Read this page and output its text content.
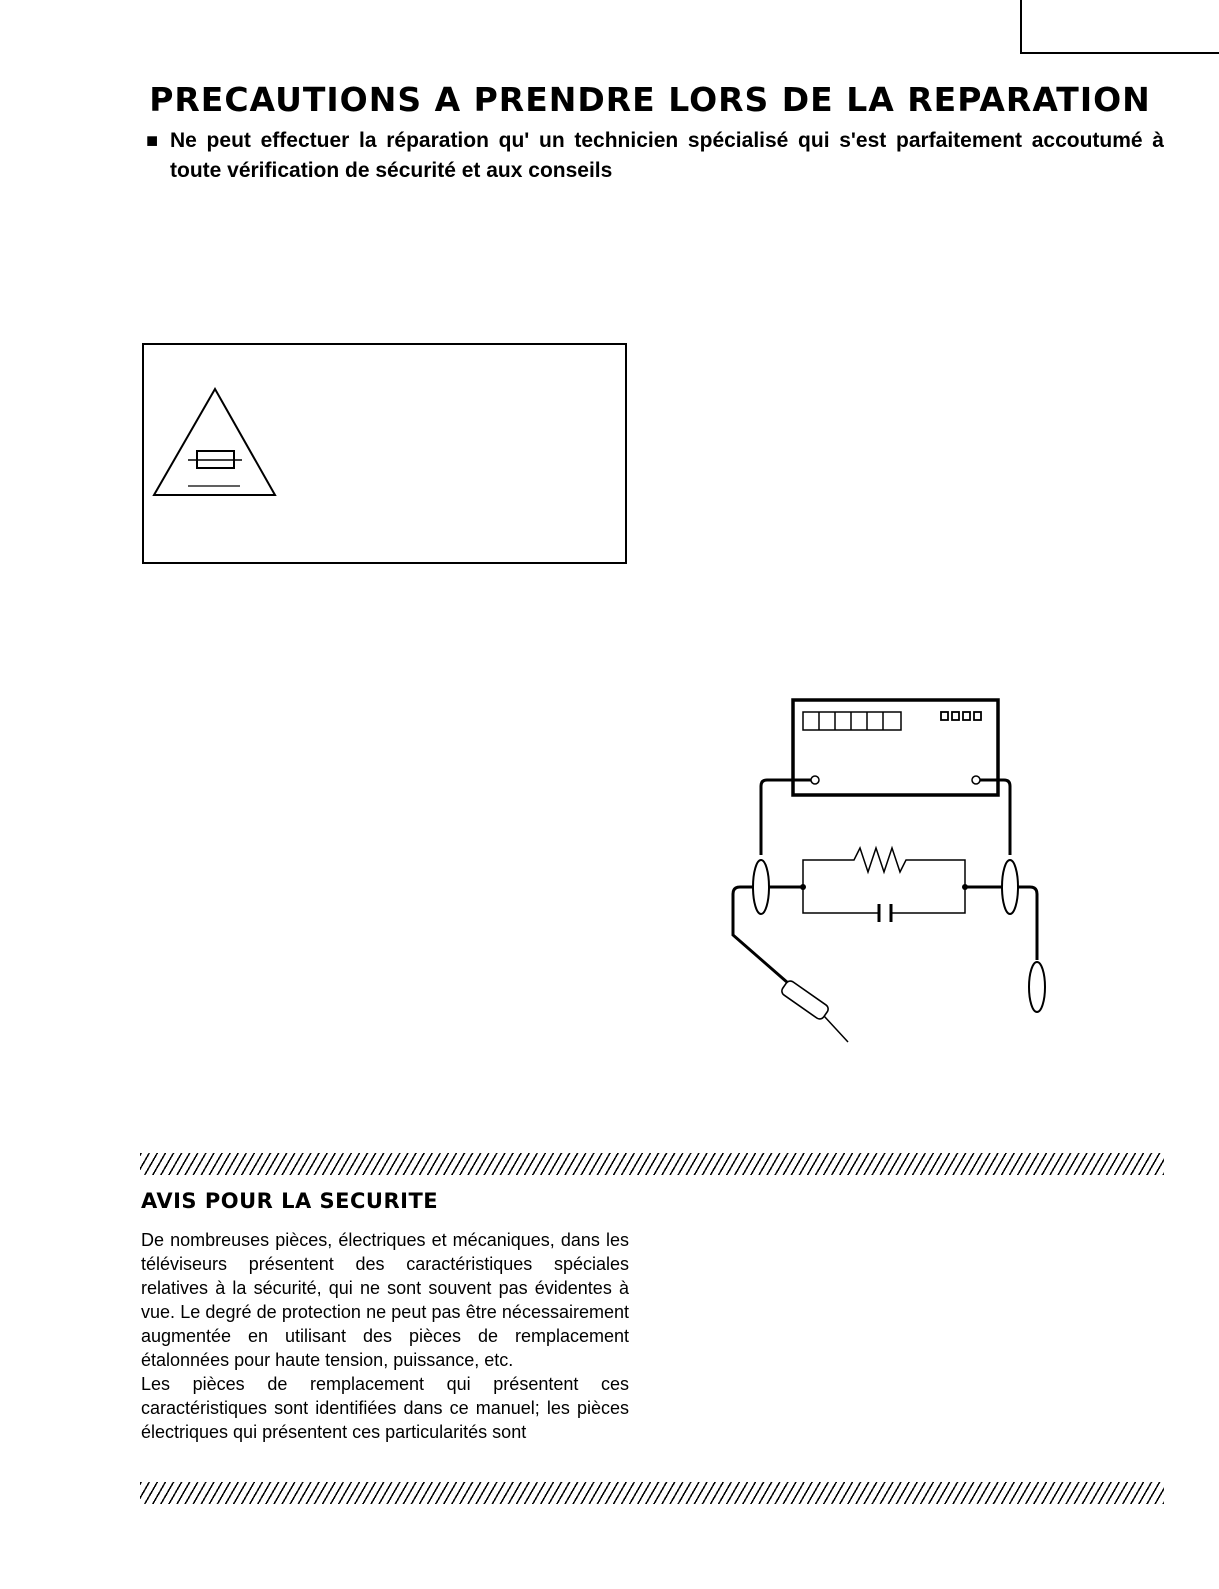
PRECAUTIONS A PRENDRE LORS DE LA REPARATION
■ Ne peut effectuer la réparation qu' un technicien spécialisé qui s'est parfaitement accoutumé à toute vérification de sécurité et aux conseils
AVIS POUR LA SECURITE
De nombreuses pièces, électriques et mécaniques, dans les téléviseurs présentent des caractéristiques spéciales relatives à la sécurité, qui ne sont souvent pas évidentes à vue. Le degré de protection ne peut pas être nécessairement augmentée en utilisant des pièces de remplacement étalonnées pour haute tension, puissance, etc.
Les pièces de remplacement qui présentent ces caractéristiques sont identifiées dans ce manuel; les pièces électriques qui présentent ces particularités sont
